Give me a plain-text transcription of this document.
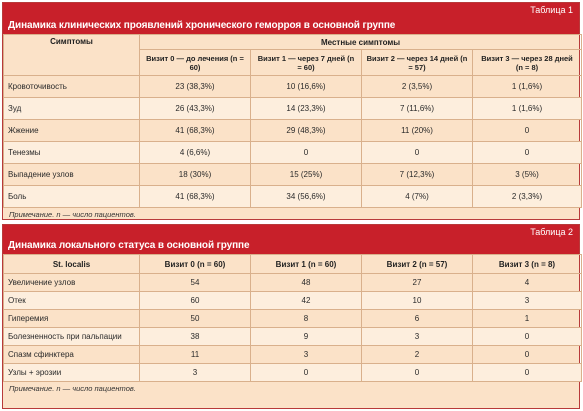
Таблица 1
Динамика клинических проявлений хронического геморроя в основной группе
Симптомы	Местные симптомы			
	Визит 0 — до лечения (n = 60)	Визит 1 — через 7 дней (n = 60)	Визит 2 — через 14 дней (n = 57)	Визит 3 — через 28 дней (n = 8)
Кровоточивость	23 (38,3%)	10 (16,6%)	2 (3,5%)	1 (1,6%)
Зуд	26 (43,3%)	14 (23,3%)	7 (11,6%)	1 (1,6%)
Жжение	41 (68,3%)	29 (48,3%)	11 (20%)	0
Тенезмы	4 (6,6%)	0	0	0
Выпадение узлов	18 (30%)	15 (25%)	7 (12,3%)	3 (5%)
Боль	41 (68,3%)	34 (56,6%)	4 (7%)	2 (3,3%)
Примечание. n — число пациентов.
Таблица 2
Динамика локального статуса в основной группе
St. localis	Визит 0 (n = 60)	Визит 1 (n = 60)	Визит 2 (n = 57)	Визит 3 (n = 8)
Увеличение узлов	54	48	27	4
Отек	60	42	10	3
Гиперемия	50	8	6	1
Болезненность при пальпации	38	9	3	0
Спазм сфинктера	11	3	2	0
Узлы + эрозии	3	0	0	0
Примечание. n — число пациентов.
